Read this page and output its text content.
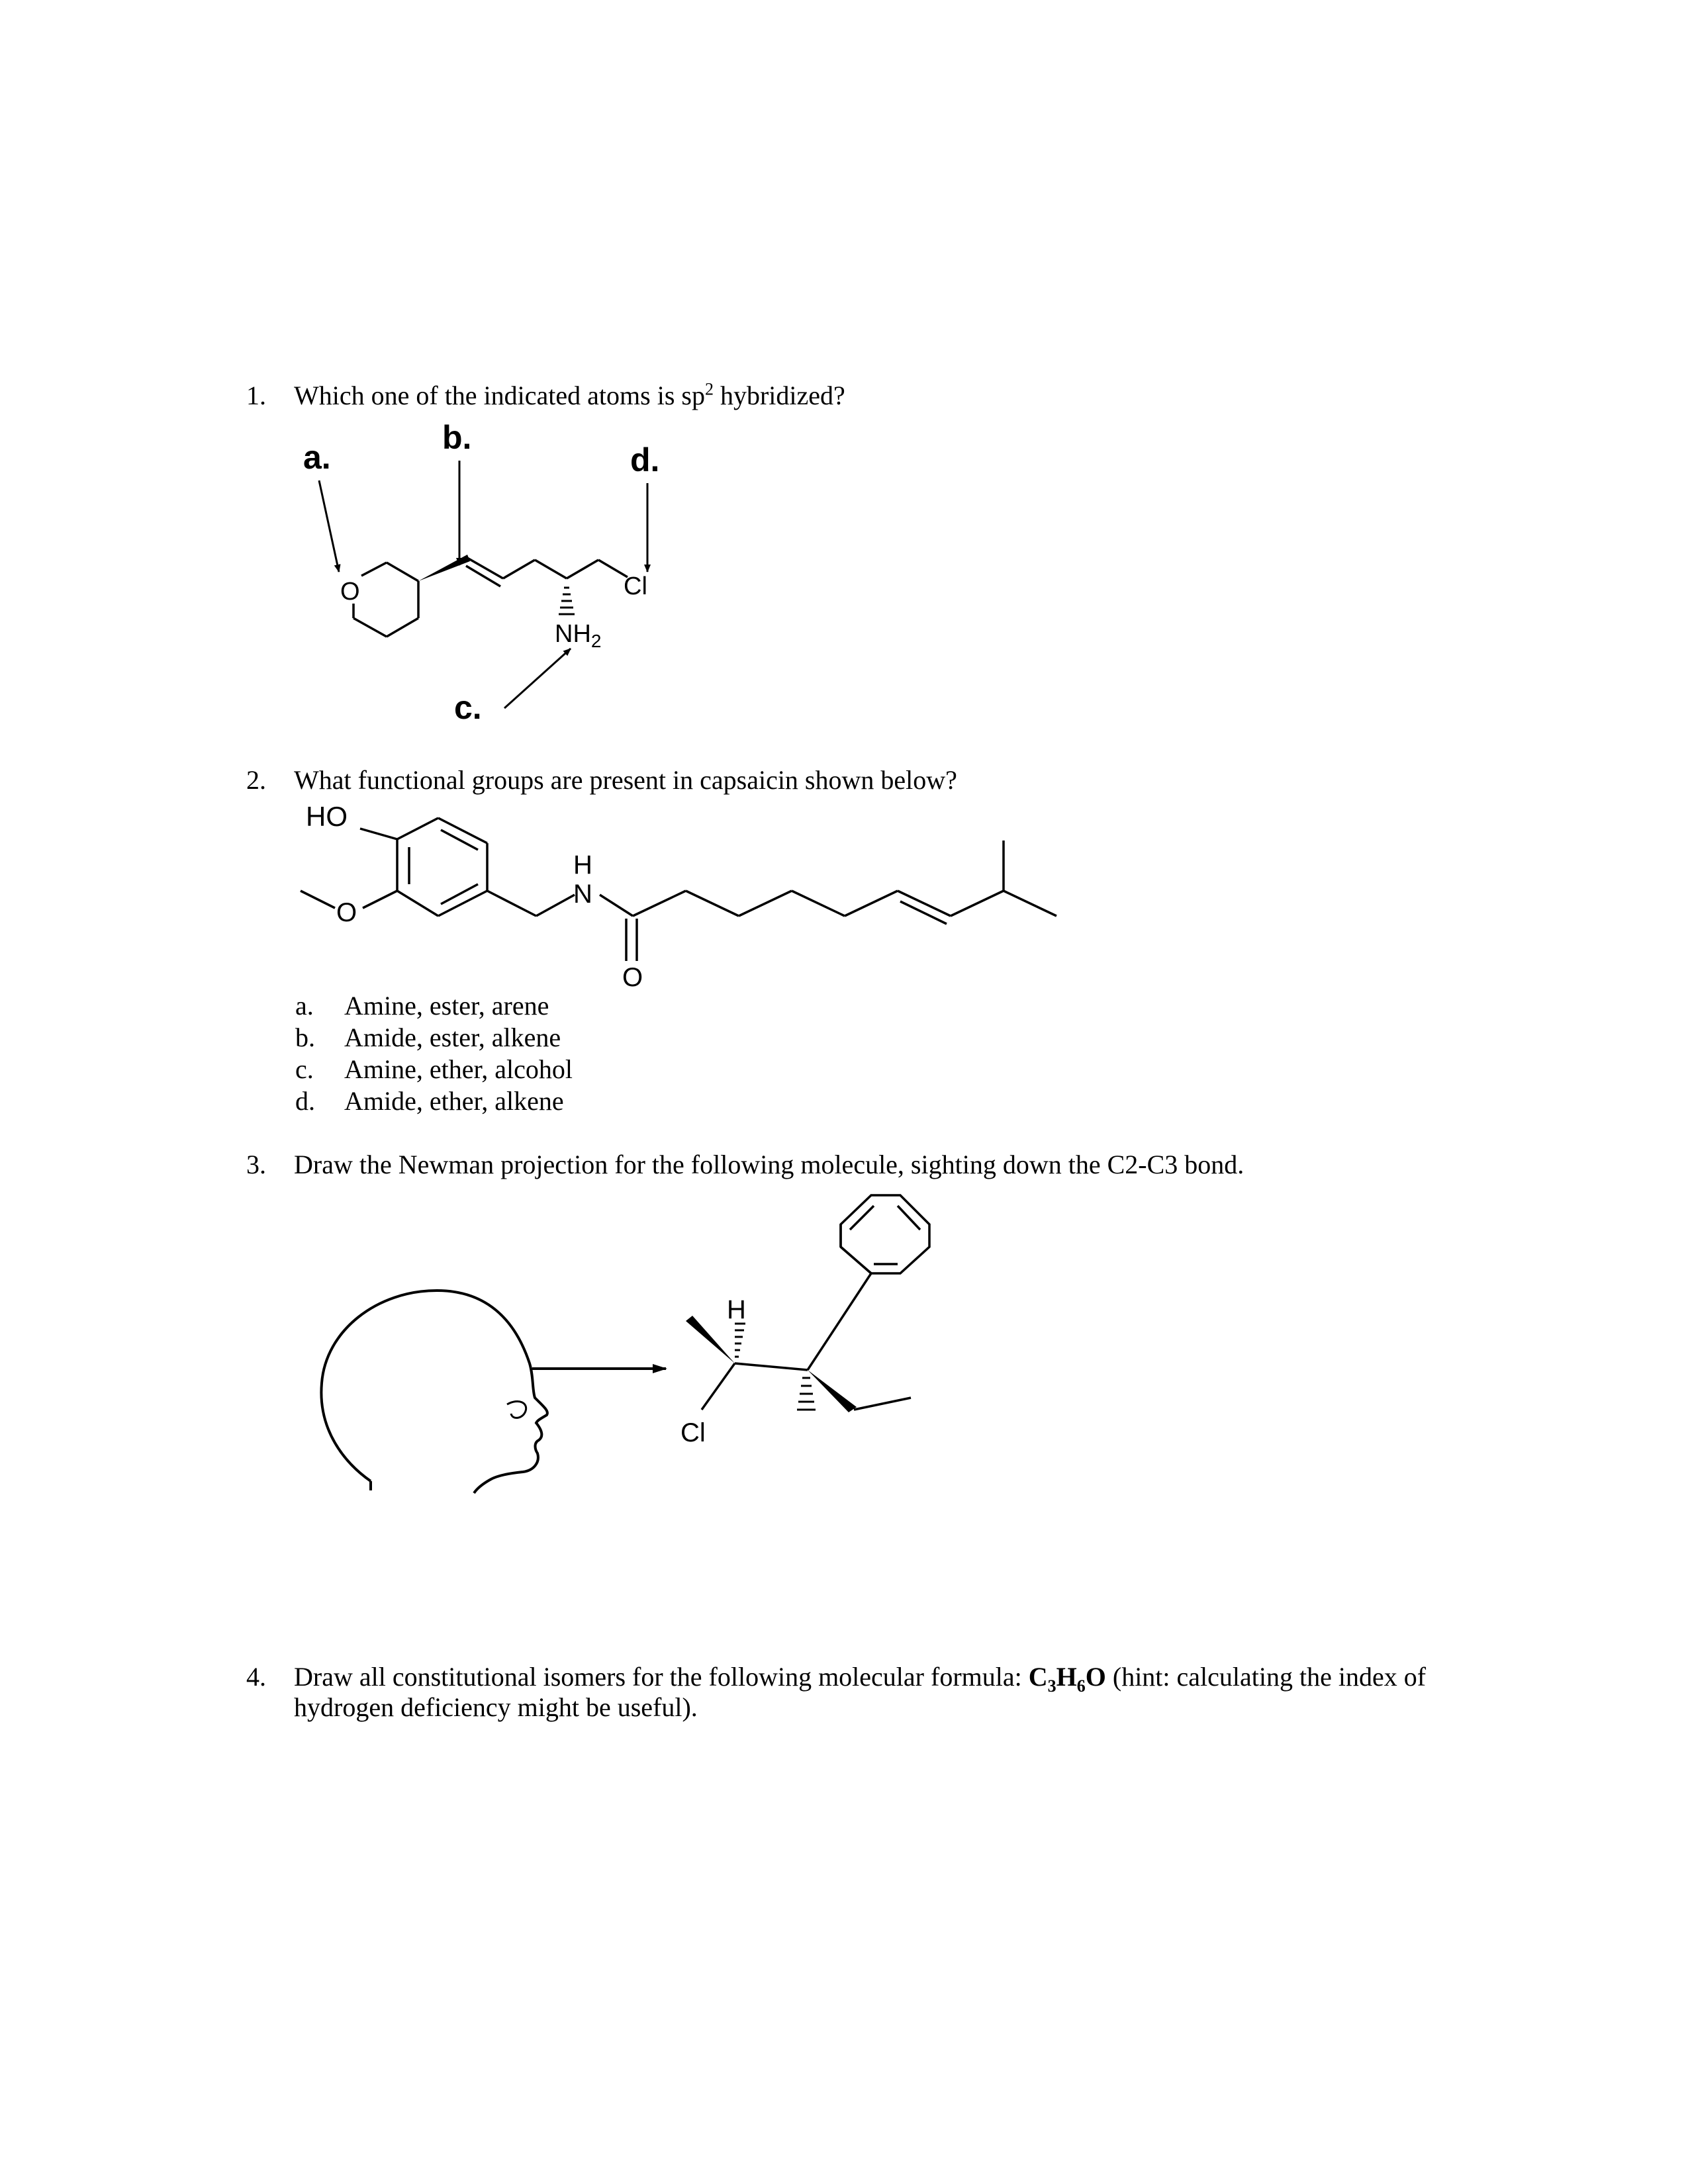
1. Which one of the indicated atoms is $sp^2$ hybridized?
a.
b.
d.
c.
O	Cl
$NH_2$
2. What functional groups are present in capsaicin shown below?
HO
O
H
N
O
a. Amine, ester, arene
b. Amide, ester, alkene
c. Amine, ether, alcohol
d. Amide, ether, alkene
3. Draw the Newman projection for the following molecule, sighting down the C2-C3 bond.
H
Cl
4. Draw all constitutional isomers for the following molecular formula: $C_3H_6O$ (hint: calculating the index of
hydrogen deficiency might be useful).
